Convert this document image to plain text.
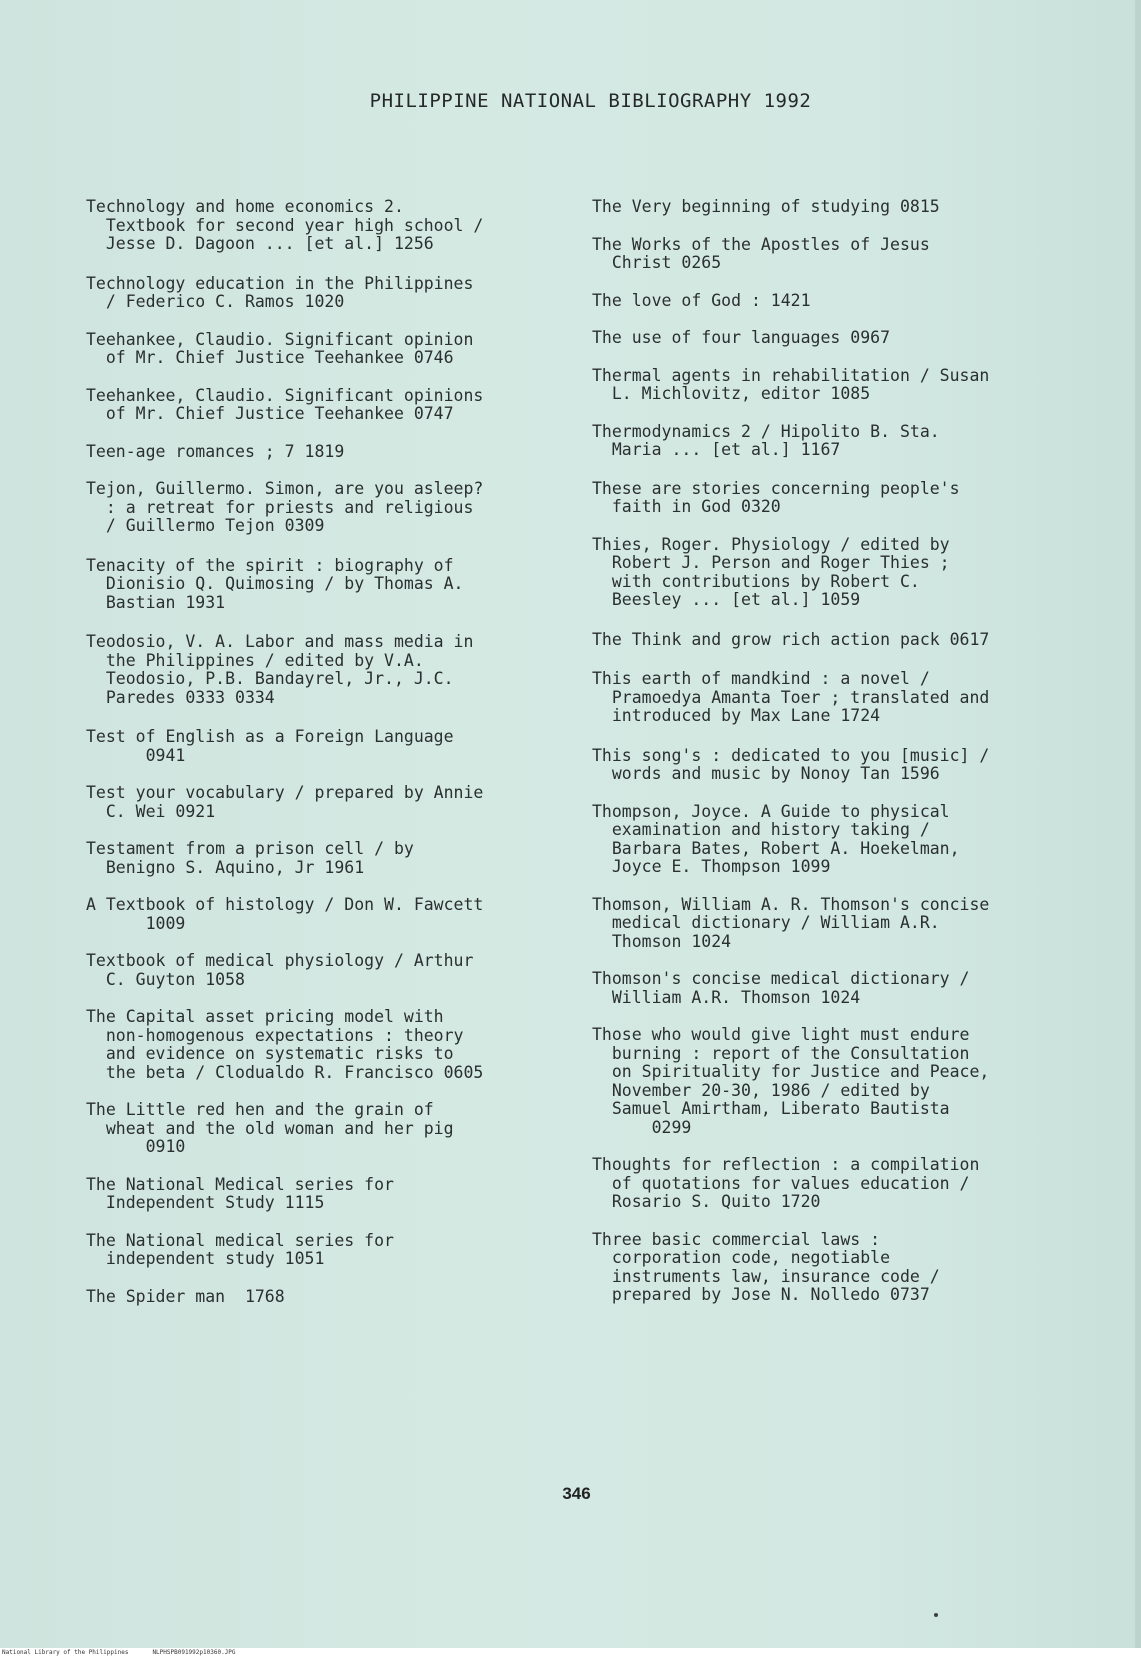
PHILIPPINE NATIONAL BIBLIOGRAPHY 1992
Technology and home economics 2.
Textbook for second year high school /
Jesse D. Dagoon ... [et al.] 1256
Technology education in the Philippines
/ Federico C. Ramos 1020
Teehankee, Claudio. Significant opinion
of Mr. Chief Justice Teehankee 0746
Teehankee, Claudio. Significant opinions
of Mr. Chief Justice Teehankee 0747
Teen-age romances ; 7 1819
Tejon, Guillermo. Simon, are you asleep?
: a retreat for priests and religious
/ Guillermo Tejon 0309
Tenacity of the spirit : biography of
Dionisio Q. Quimosing / by Thomas A.
Bastian 1931
Teodosio, V. A. Labor and mass media in
the Philippines / edited by V.A.
Teodosio, P.B. Bandayrel, Jr., J.C.
Paredes 0333 0334
Test of English as a Foreign Language
0941
Test your vocabulary / prepared by Annie
C. Wei 0921
Testament from a prison cell / by
Benigno S. Aquino, Jr 1961
A Textbook of histology / Don W. Fawcett
1009
Textbook of medical physiology / Arthur
C. Guyton 1058
The Capital asset pricing model with
non-homogenous expectations : theory
and evidence on systematic risks to
the beta / Clodualdo R. Francisco 0605
The Little red hen and the grain of
wheat and the old woman and her pig
0910
The National Medical series for
Independent Study 1115
The National medical series for
independent study 1051
The Spider man  1768
The Very beginning of studying 0815
The Works of the Apostles of Jesus
Christ 0265
The love of God : 1421
The use of four languages 0967
Thermal agents in rehabilitation / Susan
L. Michlovitz, editor 1085
Thermodynamics 2 / Hipolito B. Sta.
Maria ... [et al.] 1167
These are stories concerning people's
faith in God 0320
Thies, Roger. Physiology / edited by
Robert J. Person and Roger Thies ;
with contributions by Robert C.
Beesley ... [et al.] 1059
The Think and grow rich action pack 0617
This earth of mandkind : a novel /
Pramoedya Amanta Toer ; translated and
introduced by Max Lane 1724
This song's : dedicated to you [music] /
words and music by Nonoy Tan 1596
Thompson, Joyce. A Guide to physical
examination and history taking /
Barbara Bates, Robert A. Hoekelman,
Joyce E. Thompson 1099
Thomson, William A. R. Thomson's concise
medical dictionary / William A.R.
Thomson 1024
Thomson's concise medical dictionary /
William A.R. Thomson 1024
Those who would give light must endure
burning : report of the Consultation
on Spirituality for Justice and Peace,
November 20-30, 1986 / edited by
Samuel Amirtham, Liberato Bautista
0299
Thoughts for reflection : a compilation
of quotations for values education /
Rosario S. Quito 1720
Three basic commercial laws :
corporation code, negotiable
instruments law, insurance code /
prepared by Jose N. Nolledo 0737
346
National Library of the Philippines	NLPHSPB091992p10360.JPG
